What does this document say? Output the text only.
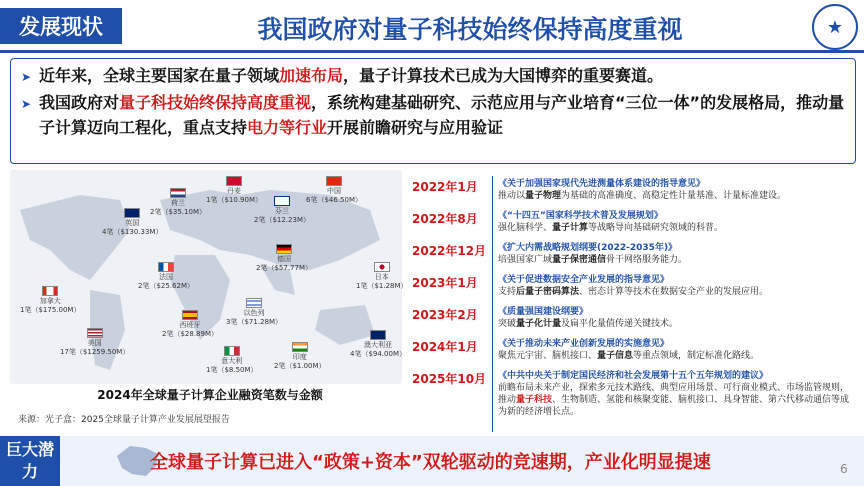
发展现状	我国政府对量子科技始终保持高度重视	★
➤ 近年来，全球主要国家在量子领域加速布局，量子计算技术已成为大国博弈的重要赛道。
➤ 我国政府对量子科技始终保持高度重视，系统构建基础研究、示范应用与产业培育“三位一体”的发展格局，推动量子计算迈向工程化，重点支持电力等行业开展前瞻研究与应用验证
丹麦
1笔（$10.90M）
中国
6笔（$46.50M）
荷兰
2笔（$35.10M）	芬兰
2笔（$12.23M）
英国
4笔（$130.33M）
德国
2笔（$57.77M）
日本
1笔（$1.28M）
法国
2笔（$25.62M）
加拿大
1笔（$175.00M）	以色列
3笔（$71.28M）
西班牙
2笔（$28.89M）
美国
17笔（$1259.50M）
意大利
1笔（$8.50M）
印度
2笔（$1.00M）
澳大利亚
4笔（$94.00M）
2024年全球量子计算企业融资笔数与金额
来源：光子盒：2025全球量子计算产业发展展望报告
2022年1月	《关于加强国家现代先进测量体系建设的指导意见》
推动以量子物理为基础的高准确度、高稳定性计量基准、计量标准建设。
2022年8月	《“十四五”国家科学技术普及发展规划》
强化脑科学、量子计算等战略导向基础研究领域的科普。
2022年12月	《扩大内需战略规划纲要(2022-2035年)》
培强国家广域量子保密通信骨干网络服务能力。
2023年1月	《关于促进数据安全产业发展的指导意见》
支持后量子密码算法、密态计算等技术在数据安全产业的发展应用。
2023年2月	《质量强国建设纲要》
突破量子化计量及扁平化量值传递关键技术。
2024年1月	《关于推动未来产业创新发展的实施意见》
聚焦元宇宙、脑机接口、量子信息等重点领域，制定标准化路线。
2025年10月	《中共中央关于制定国民经济和社会发展第十五个五年规划的建议》
前瞻布局未来产业，探索多元技术路线、典型应用场景、可行商业模式、市场监管规则，推动量子科技、生物制造、氢能和核聚变能、脑机接口、具身智能、第六代移动通信等成为新的经济增长点。
巨大潜力	全球量子计算已进入“政策+资本”双轮驱动的竞速期，产业化明显提速	6
